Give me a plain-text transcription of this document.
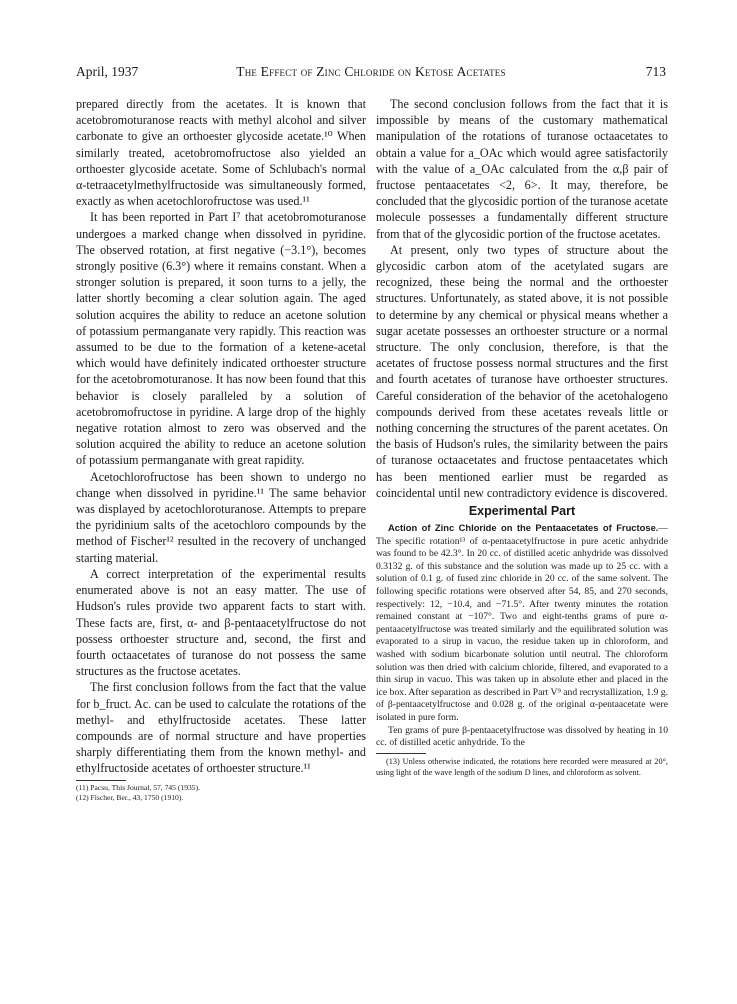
April, 1937	The Effect of Zinc Chloride on Ketose Acetates	713

prepared directly from the acetates. It is known that acetobromoturanose reacts with methyl alcohol and silver carbonate to give an orthoester glycoside acetate.¹⁰ When similarly treated, acetobromofructose also yielded an orthoester glycoside acetate. Some of Schlubach's normal α-tetraacetylmethylfructoside was simultaneously formed, exactly as when acetochlorofructose was used.¹¹

It has been reported in Part I⁷ that acetobromoturanose undergoes a marked change when dissolved in pyridine. The observed rotation, at first negative (−3.1°), becomes strongly positive (6.3°) where it remains constant. When a stronger solution is prepared, it soon turns to a jelly, the latter shortly becoming a clear solution again. The aged solution acquires the ability to reduce an acetone solution of potassium permanganate very rapidly. This reaction was assumed to be due to the formation of a ketene-acetal which would have definitely indicated orthoester structure for the acetobromoturanose. It has now been found that this behavior is closely paralleled by a solution of acetobromofructose in pyridine. A large drop of the highly negative rotation almost to zero was observed and the solution acquired the ability to reduce an acetone solution of potassium permanganate with great rapidity.

Acetochlorofructose has been shown to undergo no change when dissolved in pyridine.¹¹ The same behavior was displayed by acetochloroturanose. Attempts to prepare the pyridinium salts of the acetochloro compounds by the method of Fischer¹² resulted in the recovery of unchanged starting material.

A correct interpretation of the experimental results enumerated above is not an easy matter. The use of Hudson's rules provide two apparent facts to start with. These facts are, first, α- and β-pentaacetylfructose do not possess orthoester structure and, second, the first and fourth octaacetates of turanose do not possess the same structures as the fructose acetates.

The first conclusion follows from the fact that the value for b_fruct. Ac. can be used to calculate the rotations of the methyl- and ethylfructoside acetates. These latter compounds are of normal structure and have properties sharply differentiating them from the known methyl- and ethylfructoside acetates of orthoester structure.¹¹

(11) Pacsu, This Journal, 57, 745 (1935).

(12) Fischer, Ber., 43, 1750 (1910).

The second conclusion follows from the fact that it is impossible by means of the customary mathematical manipulation of the rotations of turanose octaacetates to obtain a value for a_OAc which would agree satisfactorily with the value of a_OAc calculated from the α,β pair of fructose pentaacetates <2, 6>. It may, therefore, be concluded that the glycosidic portion of the turanose acetate molecule possesses a fundamentally different structure from that of the glycosidic portion of the fructose acetates.

At present, only two types of structure about the glycosidic carbon atom of the acetylated sugars are recognized, these being the normal and the orthoester structures. Unfortunately, as stated above, it is not possible to determine by any chemical or physical means whether a sugar acetate possesses an orthoester structure or a normal structure. The only conclusion, therefore, is that the acetates of fructose possess normal structures and the first and fourth acetates of turanose have orthoester structures. Careful consideration of the behavior of the acetohalogeno compounds derived from these acetates reveals little or nothing concerning the structures of the parent acetates. On the basis of Hudson's rules, the similarity between the pairs of turanose octaacetates and fructose pentaacetates which has been mentioned earlier must be regarded as coincidental until new contradictory evidence is discovered.

Experimental Part

Action of Zinc Chloride on the Pentaacetates of Fructose.—The specific rotation¹³ of α-pentaacetylfructose in pure acetic anhydride was found to be 42.3°. In 20 cc. of distilled acetic anhydride was dissolved 0.3132 g. of this substance and the solution was made up to 25 cc. with a solution of 0.1 g. of fused zinc chloride in 20 cc. of the same solvent. The following specific rotations were observed after 54, 85, and 270 seconds, respectively: 12, −10.4, and −71.5°. After twenty minutes the rotation remained constant at −107°. Two and eight-tenths grams of pure α-pentaacetylfructose was treated similarly and the equilibrated solution was evaporated to a sirup in vacuo, the residue taken up in chloroform, and washed with sodium bicarbonate solution until neutral. The chloroform solution was then dried with calcium chloride, filtered, and evaporated to a thin sirup in vacuo. This was taken up in absolute ether and placed in the ice box. After separation as described in Part V⁹ and recrystallization, 1.9 g. of β-pentaacetylfructose and 0.028 g. of the original α-pentaacetate were isolated in pure form.

Ten grams of pure β-pentaacetylfructose was dissolved by heating in 10 cc. of distilled acetic anhydride. To the

(13) Unless otherwise indicated, the rotations here recorded were measured at 20°, using light of the wave length of the sodium D lines, and chloroform as solvent.
